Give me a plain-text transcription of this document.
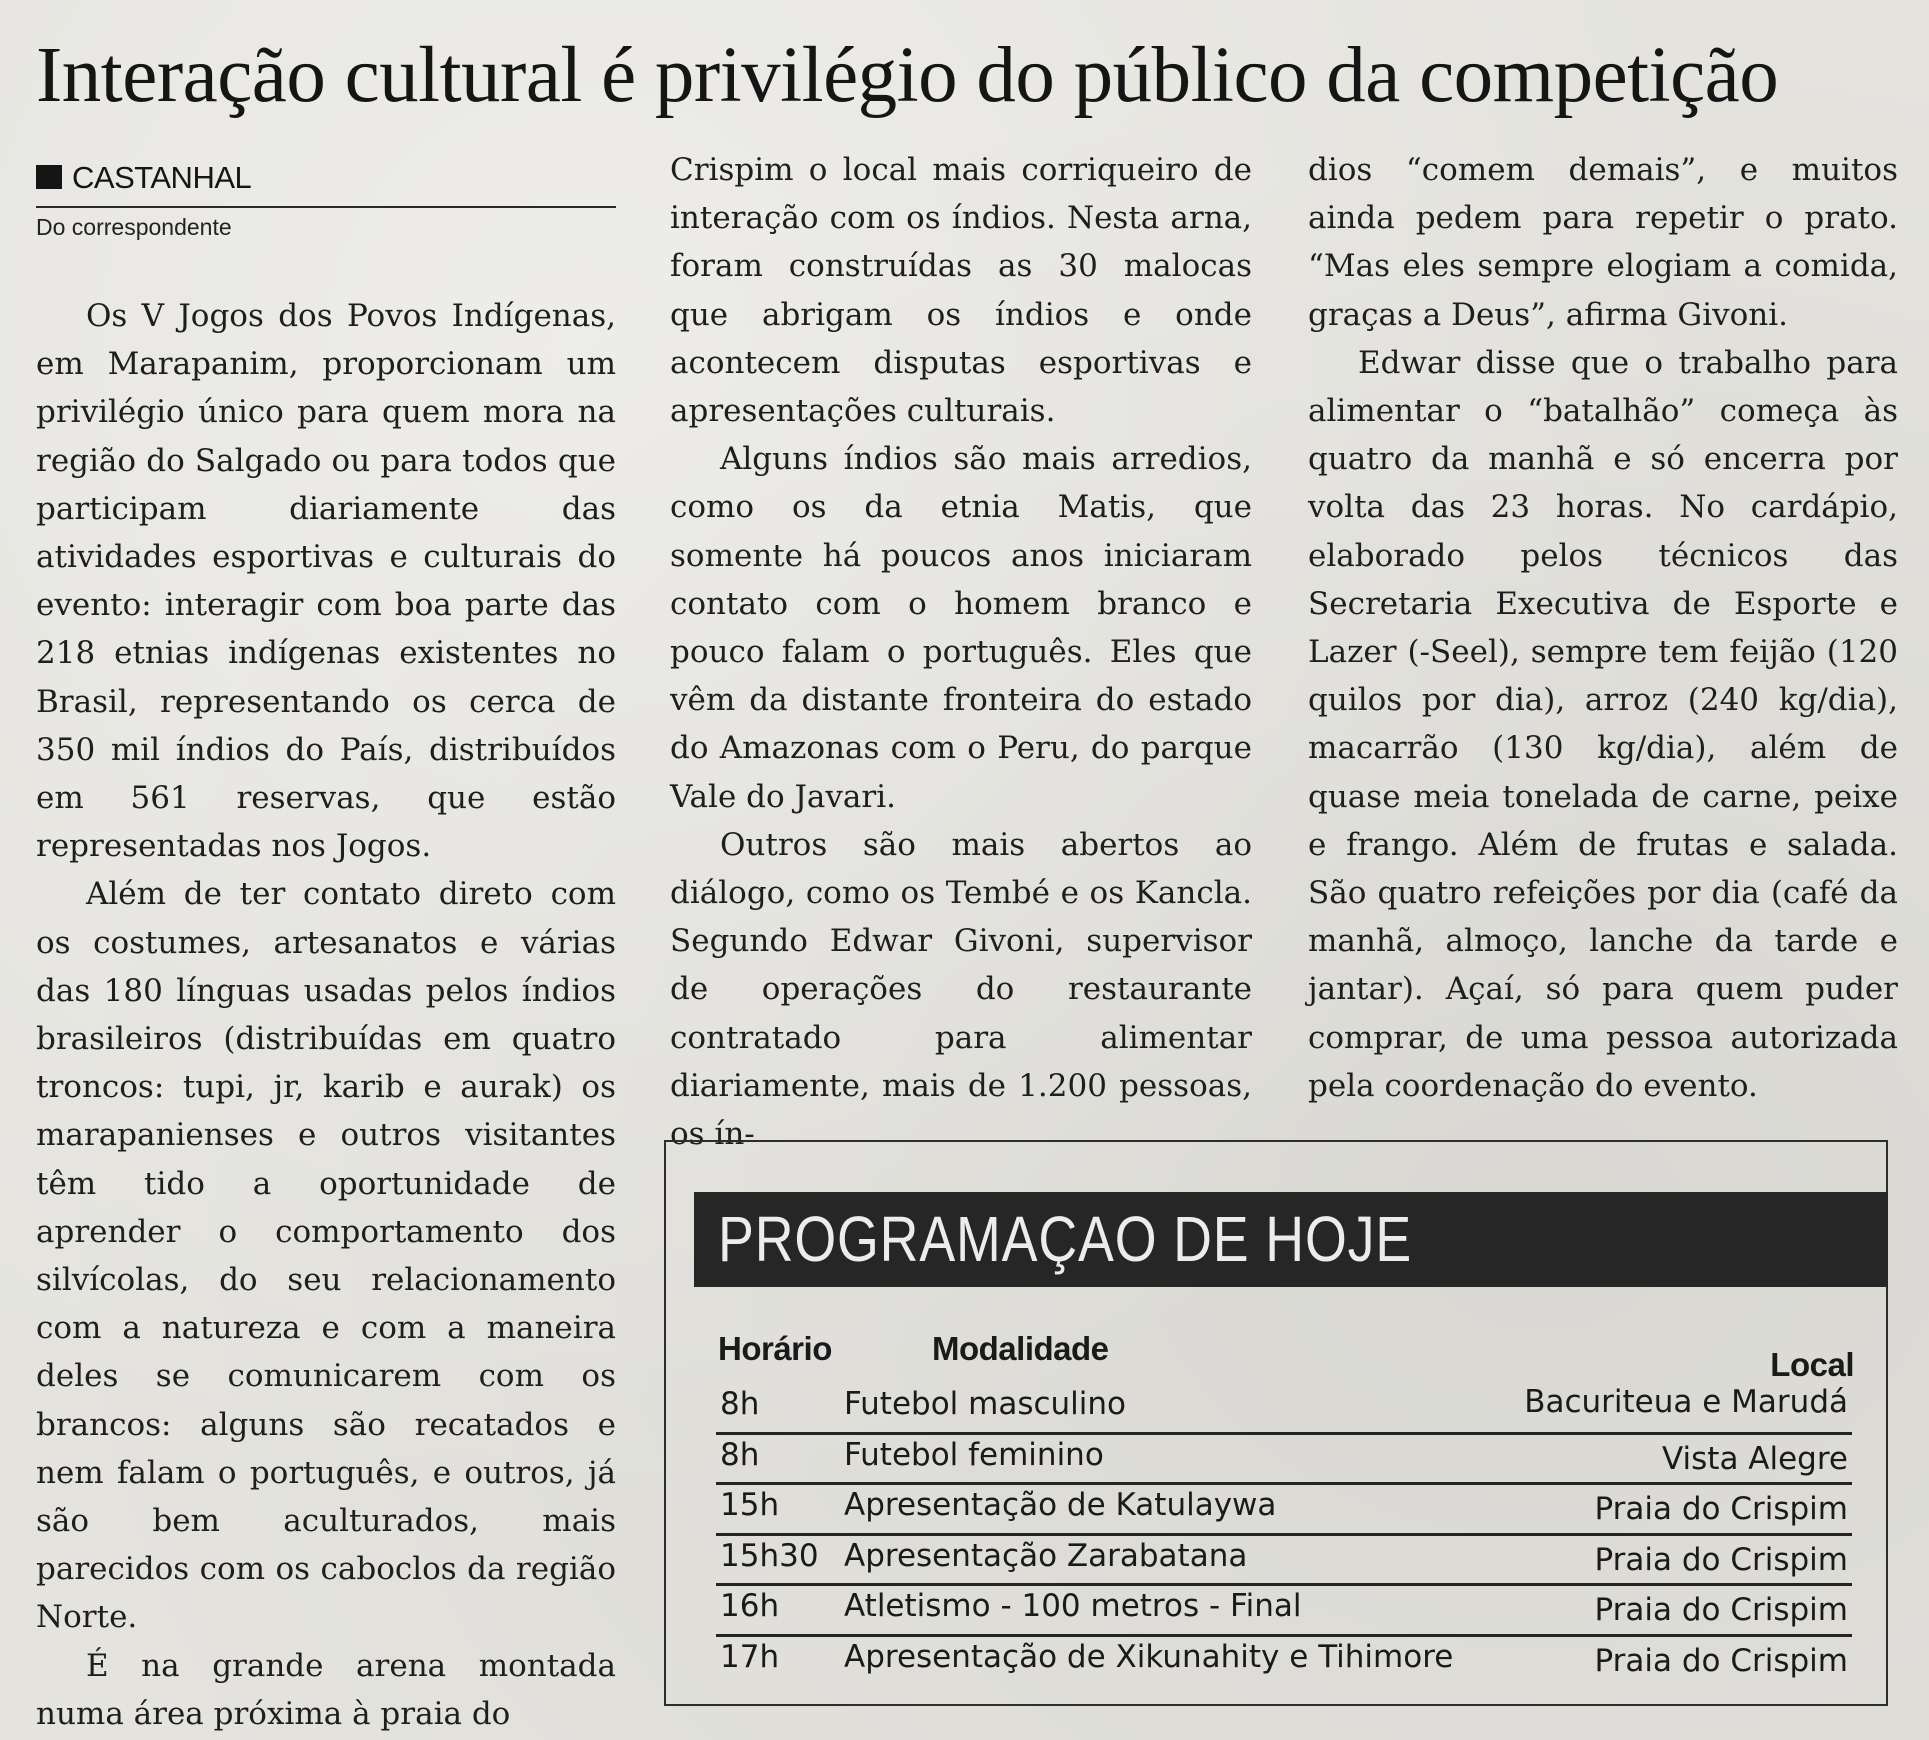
Interação cultural é privilégio do público da competição
CASTANHAL
Do correspondente

Os V Jogos dos Povos Indígenas, em Marapanim, proporcionam um privilégio único para quem mora na região do Salgado ou para todos que participam diariamente das atividades esportivas e culturais do evento: interagir com boa parte das 218 etnias indígenas existentes no Brasil, representando os cerca de 350 mil índios do País, distribuídos em 561 reservas, que estão representadas nos Jogos.

Além de ter contato direto com os costumes, artesanatos e várias das 180 línguas usadas pelos índios brasileiros (distribuídas em quatro troncos: tupi, jr, karib e aurak) os marapanienses e outros visitantes têm tido a oportunidade de aprender o comportamento dos silvícolas, do seu relacionamento com a natureza e com a maneira deles se comunicarem com os brancos: alguns são recatados e nem falam o português, e outros, já são bem aculturados, mais parecidos com os caboclos da região Norte.

É na grande arena montada numa área próxima à praia do

Crispim o local mais corriqueiro de interação com os índios. Nesta arna, foram construídas as 30 malocas que abrigam os índios e onde acontecem disputas esportivas e apresentações culturais.

Alguns índios são mais arredios, como os da etnia Matis, que somente há poucos anos iniciaram contato com o homem branco e pouco falam o português. Eles que vêm da distante fronteira do estado do Amazonas com o Peru, do parque Vale do Javari.

Outros são mais abertos ao diálogo, como os Tembé e os Kancla. Segundo Edwar Givoni, supervisor de operações do restaurante contratado para alimentar diariamente, mais de 1.200 pessoas, os ín-

dios “comem demais”, e muitos ainda pedem para repetir o prato. “Mas eles sempre elogiam a comida, graças a Deus”, afirma Givoni.

Edwar disse que o trabalho para alimentar o “batalhão” começa às quatro da manhã e só encerra por volta das 23 horas. No cardápio, elaborado pelos técnicos das Secretaria Executiva de Esporte e Lazer (-Seel), sempre tem feijão (120 quilos por dia), arroz (240 kg/dia), macarrão (130 kg/dia), além de quase meia tonelada de carne, peixe e frango. Além de frutas e salada. São quatro refeições por dia (café da manhã, almoço, lanche da tarde e jantar). Açaí, só para quem puder comprar, de uma pessoa autorizada pela coordenação do evento.

PROGRAMAÇAO DE HOJE
Horário	Modalidade	Local
8h	Futebol masculino	Bacuriteua e Marudá
8h	Futebol feminino	Vista Alegre
15h Apresentação de Katulaywa	Praia do Crispim
15h30 Apresentação Zarabatana	Praia do Crispim
16h Atletismo - 100 metros - Final	Praia do Crispim
17h Apresentação de Xikunahity e Tihimore	Praia do Crispim
